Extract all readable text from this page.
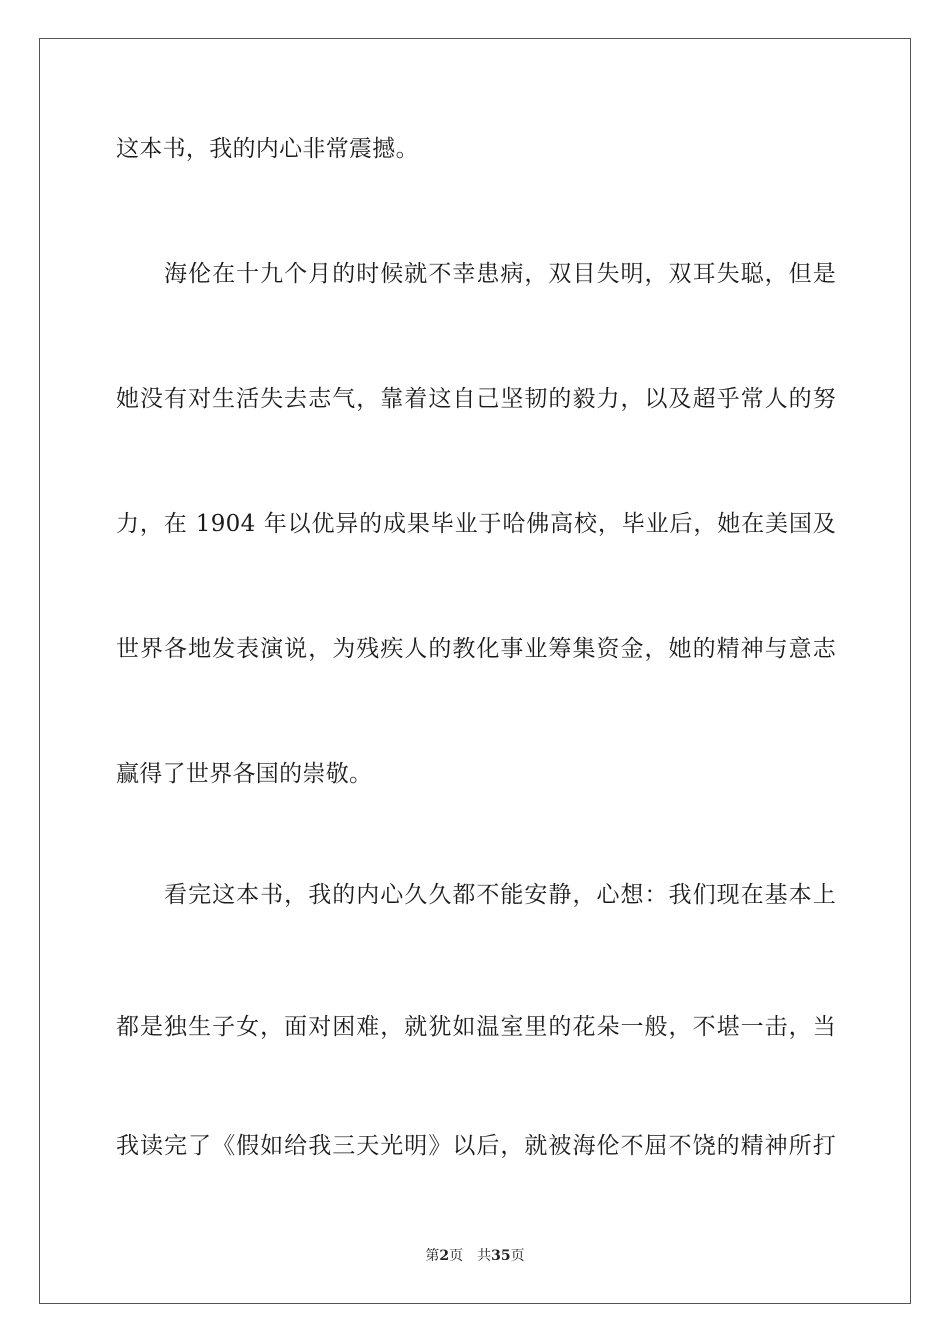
这本书，我的内心非常震撼。
　　海伦在十九个月的时候就不幸患病，双目失明，双耳失聪，但是
她没有对生活失去志气，靠着这自己坚韧的毅力，以及超乎常人的努
力，在 1904 年以优异的成果毕业于哈佛高校，毕业后，她在美国及
世界各地发表演说，为残疾人的教化事业筹集资金，她的精神与意志
赢得了世界各国的崇敬。
　　看完这本书，我的内心久久都不能安静，心想：我们现在基本上
都是独生子女，面对困难，就犹如温室里的花朵一般，不堪一击，当
我读完了《假如给我三天光明》以后，就被海伦不屈不饶的精神所打
第2页 共35页
